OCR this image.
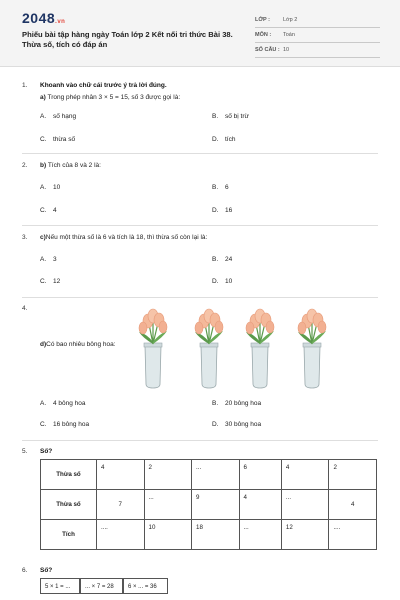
2048.vn
Phiếu bài tập hàng ngày Toán lớp 2 Kết nối tri thức Bài 38. Thừa số, tích có đáp án
LỚP : Lớp 2
MÔN : Toán
SỐ CÂU : 10
1. Khoanh vào chữ cái trước ý trả lời đúng.
a) Trong phép nhân 3 × 5 = 15, số 3 được gọi là:
A. số hạng	B. số bị trừ
C. thừa số	D. tích
2. b) Tích của 8 và 2 là:
A. 10	B. 6
C. 4	D. 16
3. c)Nếu một thừa số là 6 và tích là 18, thì thừa số còn lại là:
A. 3	B. 24
C. 12	D. 10
4.
d)Có bao nhiêu bông hoa:
A. 4 bông hoa	B. 20 bông hoa
C. 16 bông hoa	D. 30 bông hoa
5. Số?
Thừa số	4	2	...	6	4	2
Thừa số	7	...	9	4	...	4
Tích	....	10	18	...	12	....
6. Số?
5 × 1 = ...	... × 7 = 28	6 × ... = 36
